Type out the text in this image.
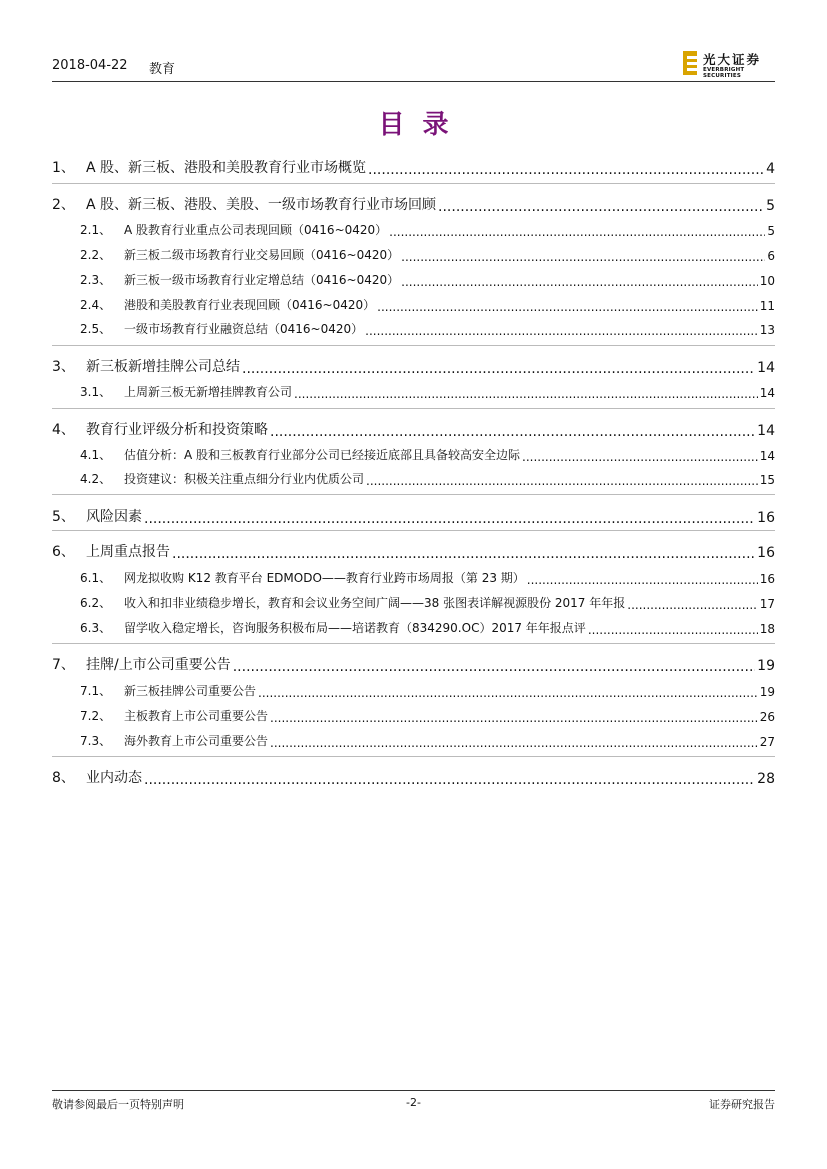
2018-04-22 教育
光大证券
EVERBRIGHT SECURITIES
目录
1、 A 股、新三板、港股和美股教育行业市场概览 .....	4
2、 A 股、新三板、港股、美股、一级市场教育行业市场回顾 .....	5
2.1、	A 股教育行业重点公司表现回顾（0416~0420） .....	5
2.2、	新三板二级市场教育行业交易回顾（0416~0420） .....	6
2.3、	新三板一级市场教育行业定增总结（0416~0420） .....	10
2.4、	港股和美股教育行业表现回顾（0416~0420） .....	11
2.5、	一级市场教育行业融资总结（0416~0420） .....	13
3、 新三板新增挂牌公司总结 .....	14
3.1、	上周新三板无新增挂牌教育公司 .....	14
4、 教育行业评级分析和投资策略 .....	14
4.1、	估值分析：A 股和三板教育行业部分公司已经接近底部且具备较高安全边际 .....	14
4.2、	投资建议：积极关注重点细分行业内优质公司 .....	15
5、 风险因素 .....	16
6、 上周重点报告 .....	16
6.1、	网龙拟收购 K12 教育平台 EDMODO——教育行业跨市场周报（第 23 期） .....	16
6.2、	收入和扣非业绩稳步增长，教育和会议业务空间广阔——38 张图表详解视源股份 2017 年年报 .....	17
6.3、	留学收入稳定增长，咨询服务积极布局——培诺教育（834290.OC）2017 年年报点评 .....	18
7、 挂牌/上市公司重要公告 .....	19
7.1、	新三板挂牌公司重要公告 .....	19
7.2、	主板教育上市公司重要公告 .....	26
7.3、	海外教育上市公司重要公告 .....	27
8、 业内动态 .....	28
敬请参阅最后一页特别声明	-2-	证券研究报告
